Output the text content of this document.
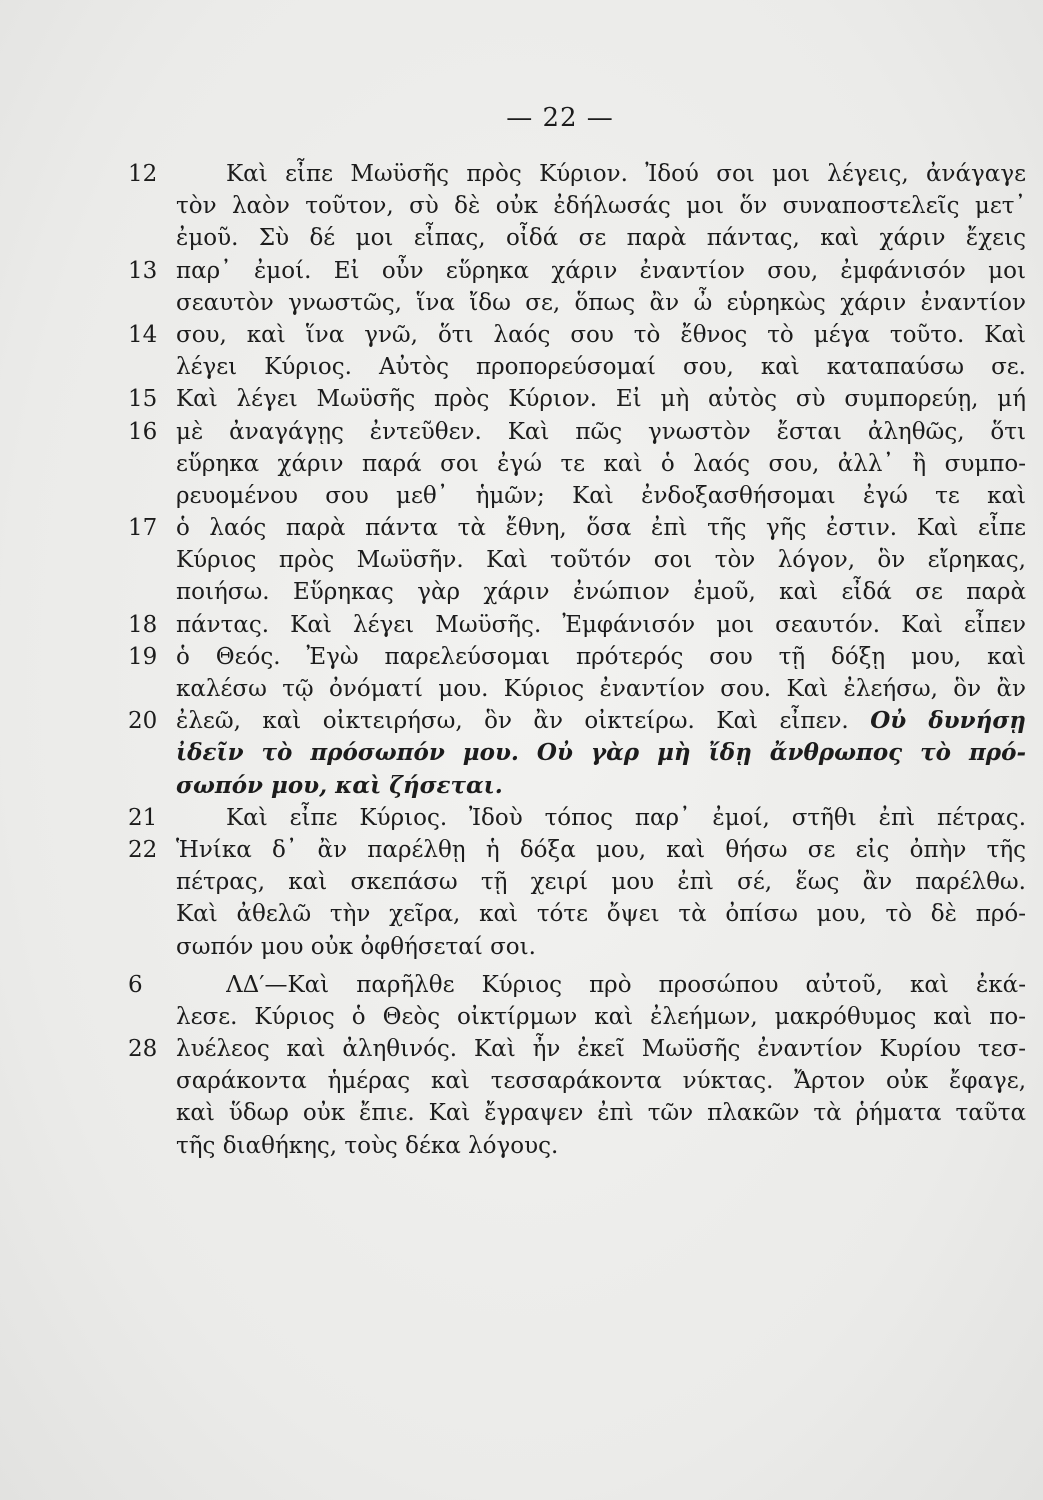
— 22 —
12	Καὶ εἶπε Μωϋσῆς πρὸς Κύριον. Ἰδού σοι μοι λέγεις, ἀνάγαγε
τὸν λαὸν τοῦτον, σὺ δὲ οὐκ ἐδήλωσάς μοι ὅν συναποστελεῖς μετ᾽
ἐμοῦ. Σὺ δέ μοι εἶπας, οἶδά σε παρὰ πάντας, καὶ χάριν ἔχεις
13 παρ᾽ ἐμοί. Εἰ οὖν εὕρηκα χάριν ἐναντίον σου, ἐμφάνισόν μοι
σεαυτὸν γνωστῶς, ἵνα ἴδω σε, ὅπως ἂν ὦ εὑρηκὼς χάριν ἐναντίον
14 σου, καὶ ἵνα γνῶ, ὅτι λαός σου τὸ ἔθνος τὸ μέγα τοῦτο. Καὶ
λέγει Κύριος. Αὐτὸς προπορεύσομαί σου, καὶ καταπαύσω σε.
15 Καὶ λέγει Μωϋσῆς πρὸς Κύριον. Εἰ μὴ αὐτὸς σὺ συμπορεύῃ, μή
16 μὲ ἀναγάγῃς ἐντεῦθεν. Καὶ πῶς γνωστὸν ἔσται ἀληθῶς, ὅτι
εὕρηκα χάριν παρά σοι ἐγώ τε καὶ ὁ λαός σου, ἀλλ᾽ ἢ συμπο-
ρευομένου σου μεθ᾽ ἡμῶν; Καὶ ἐνδοξασθήσομαι ἐγώ τε καὶ
17 ὁ λαός παρὰ πάντα τὰ ἔθνη, ὅσα ἐπὶ τῆς γῆς ἐστιν. Καὶ εἶπε
Κύριος πρὸς Μωϋσῆν. Καὶ τοῦτόν σοι τὸν λόγον, ὃν εἴρηκας,
ποιήσω. Εὕρηκας γὰρ χάριν ἐνώπιον ἐμοῦ, καὶ εἶδά σε παρὰ
18 πάντας. Καὶ λέγει Μωϋσῆς. Ἐμφάνισόν μοι σεαυτόν. Καὶ εἶπεν
19 ὁ Θεός. Ἐγὼ παρελεύσομαι πρότερός σου τῇ δόξῃ μου, καὶ
καλέσω τῷ ὀνόματί μου. Κύριος ἐναντίον σου. Καὶ ἐλεήσω, ὃν ἂν
20 ἐλεῶ, καὶ οἰκτειρήσω, ὃν ἂν οἰκτείρω. Καὶ εἶπεν. Οὐ δυνήσῃ
ἰδεῖν τὸ πρόσωπόν μου. Οὐ γὰρ μὴ ἴδῃ ἄνθρωπος τὸ πρό-
σωπόν μου, καὶ ζήσεται.
21	Καὶ εἶπε Κύριος. Ἰδοὺ τόπος παρ᾽ ἐμοί, στῆθι ἐπὶ πέτρας.
22 Ἡνίκα δ᾽ ἂν παρέλθῃ ἡ δόξα μου, καὶ θήσω σε εἰς ὀπὴν τῆς
πέτρας, καὶ σκεπάσω τῇ χειρί μου ἐπὶ σέ, ἕως ἂν παρέλθω.
Καὶ ἀθελῶ τὴν χεῖρα, καὶ τότε ὄψει τὰ ὀπίσω μου, τὸ δὲ πρό-
σωπόν μου οὐκ ὀφθήσεταί σοι.
6	ΛΔ′—Καὶ παρῆλθε Κύριος πρὸ προσώπου αὐτοῦ, καὶ ἐκά-
λεσε. Κύριος ὁ Θεὸς οἰκτίρμων καὶ ἐλεήμων, μακρόθυμος καὶ πο-
28 λυέλεος καὶ ἀληθινός. Καὶ ἦν ἐκεῖ Μωϋσῆς ἐναντίον Κυρίου τεσ-
σαράκοντα ἡμέρας καὶ τεσσαράκοντα νύκτας. Ἄρτον οὐκ ἔφαγε,
καὶ ὕδωρ οὐκ ἔπιε. Καὶ ἔγραψεν ἐπὶ τῶν πλακῶν τὰ ῥήματα ταῦτα
τῆς διαθήκης, τοὺς δέκα λόγους.
